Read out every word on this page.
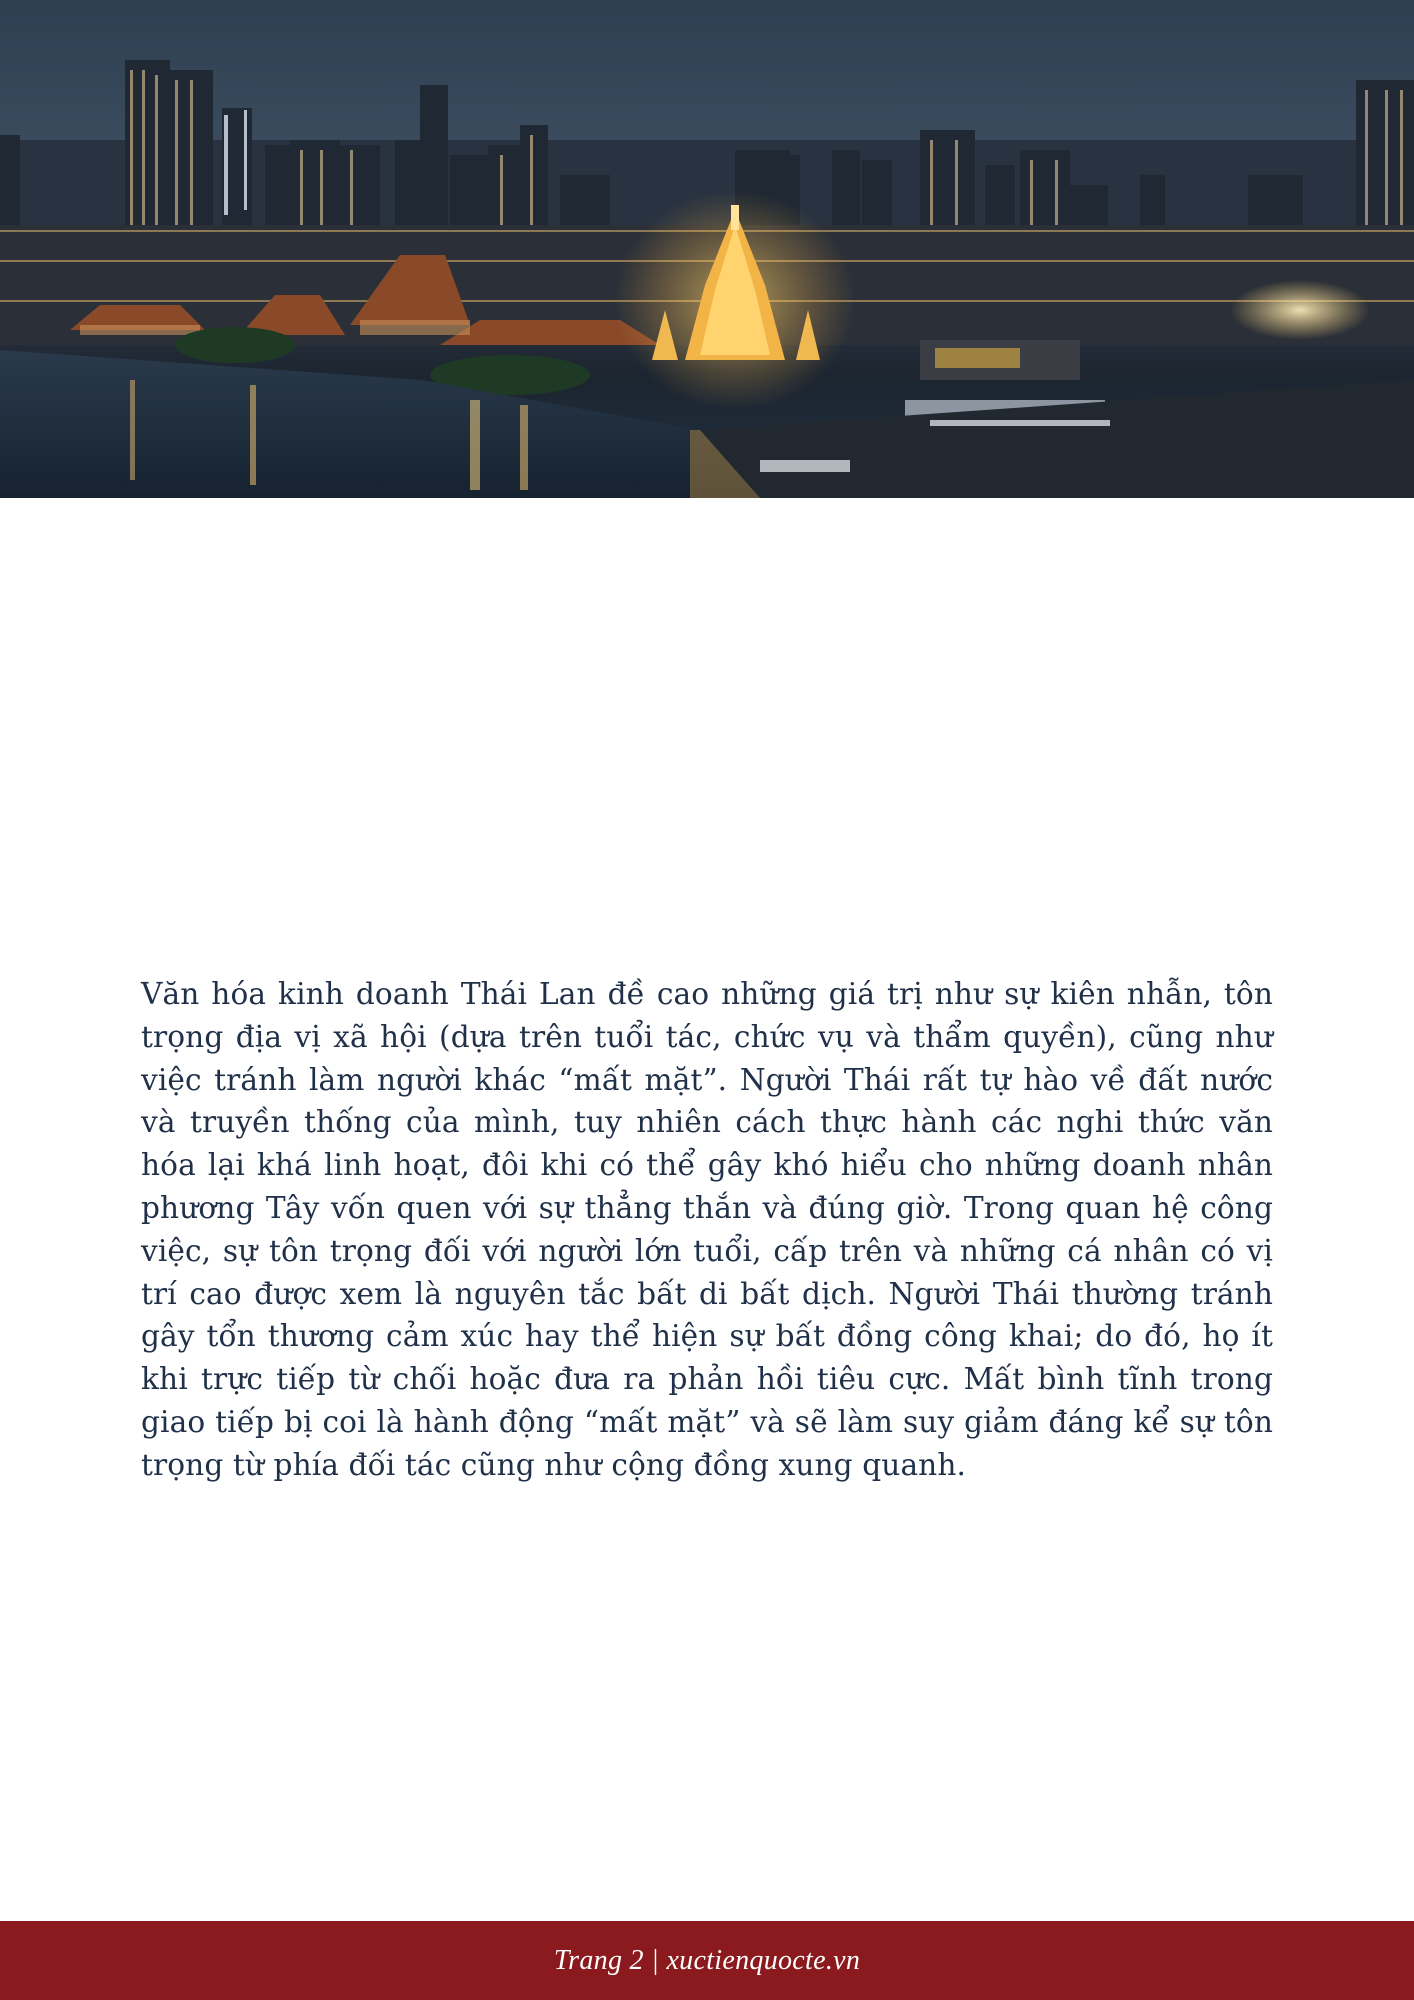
Văn hóa kinh doanh Thái Lan đề cao những giá trị như sự kiên nhẫn, tôn trọng địa vị xã hội (dựa trên tuổi tác, chức vụ và thẩm quyền), cũng như việc tránh làm người khác “mất mặt”. Người Thái rất tự hào về đất nước và truyền thống của mình, tuy nhiên cách thực hành các nghi thức văn hóa lại khá linh hoạt, đôi khi có thể gây khó hiểu cho những doanh nhân phương Tây vốn quen với sự thẳng thắn và đúng giờ. Trong quan hệ công việc, sự tôn trọng đối với người lớn tuổi, cấp trên và những cá nhân có vị trí cao được xem là nguyên tắc bất di bất dịch. Người Thái thường tránh gây tổn thương cảm xúc hay thể hiện sự bất đồng công khai; do đó, họ ít khi trực tiếp từ chối hoặc đưa ra phản hồi tiêu cực. Mất bình tĩnh trong giao tiếp bị coi là hành động “mất mặt” và sẽ làm suy giảm đáng kể sự tôn trọng từ phía đối tác cũng như cộng đồng xung quanh.

Trang 2 | xuctienquocte.vn
